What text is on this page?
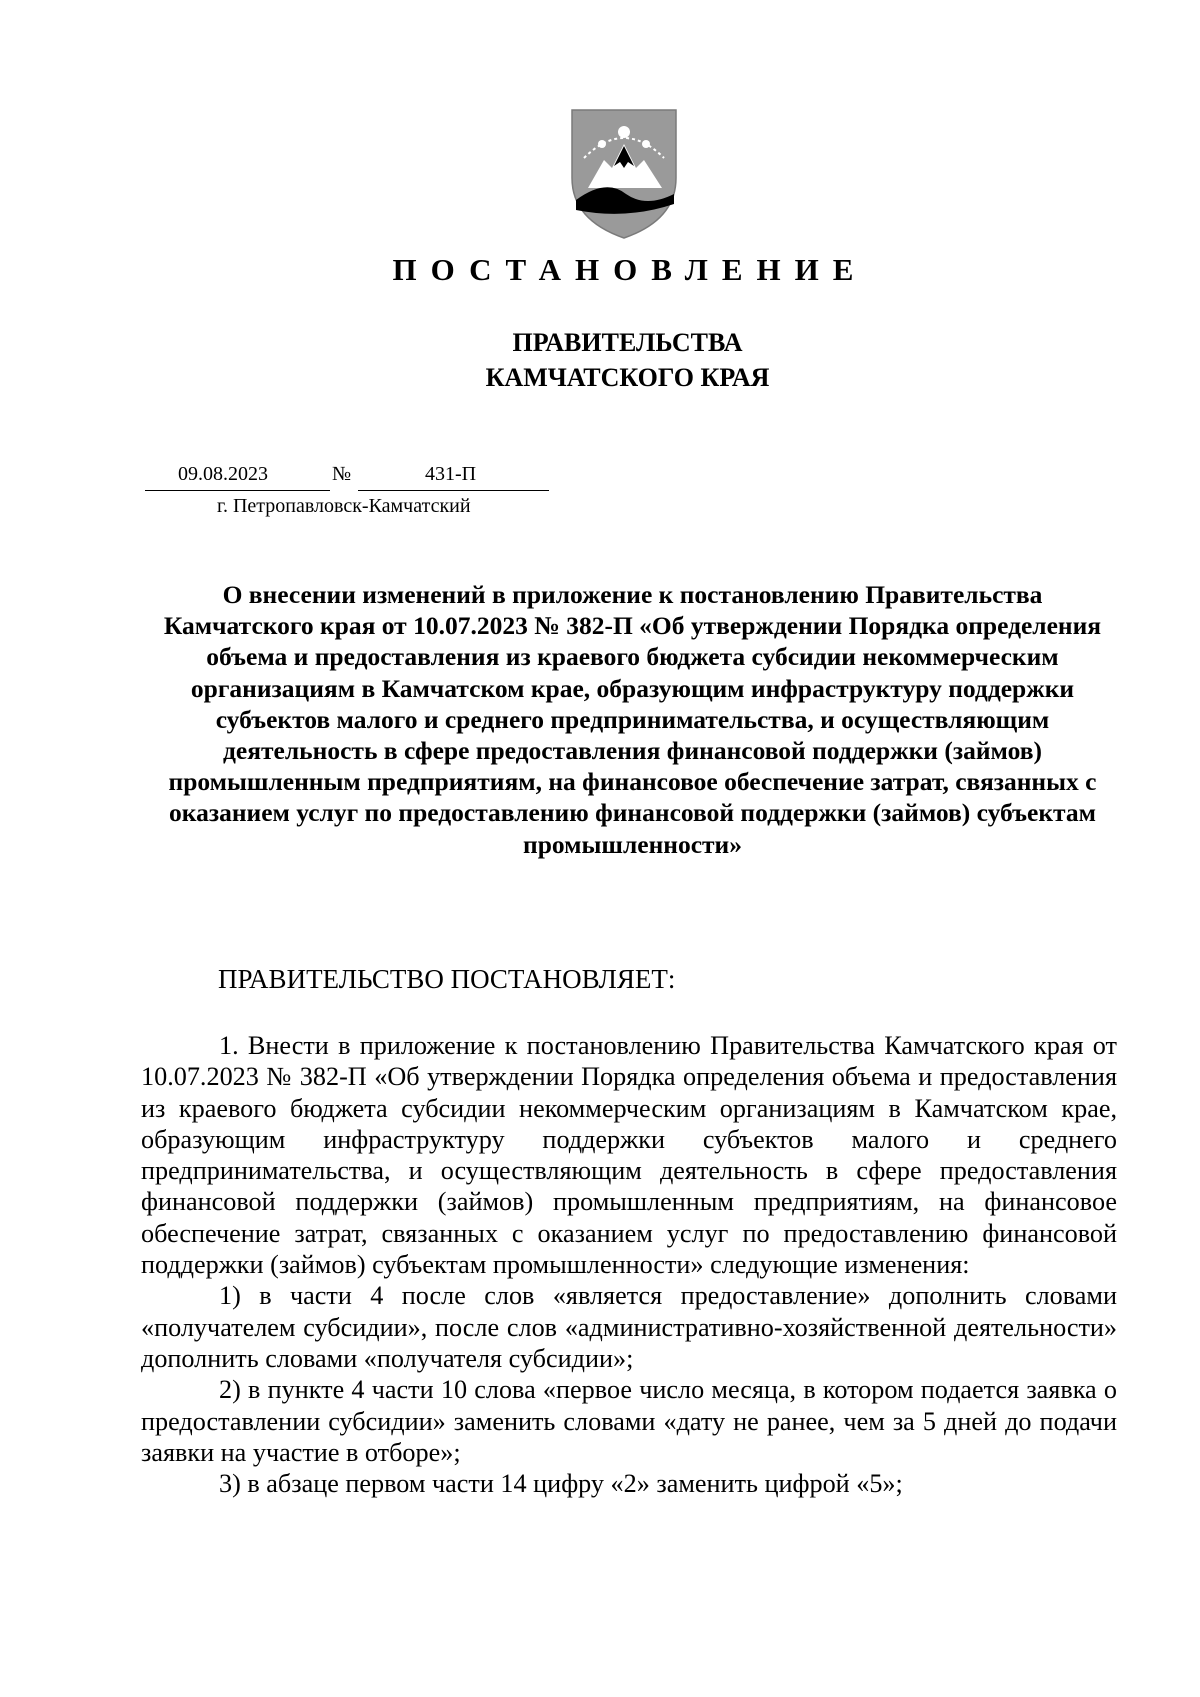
ПОСТАНОВЛЕНИЕ
ПРАВИТЕЛЬСТВА
КАМЧАТСКОГО КРАЯ
09.08.2023	№	431-П
г. Петропавловск-Камчатский
О внесении изменений в приложение к постановлению Правительства Камчатского края от 10.07.2023 № 382-П «Об утверждении Порядка определения объема и предоставления из краевого бюджета субсидии некоммерческим организациям в Камчатском крае, образующим инфраструктуру поддержки субъектов малого и среднего предпринимательства, и осуществляющим деятельность в сфере предоставления финансовой поддержки (займов) промышленным предприятиям, на финансовое обеспечение затрат, связанных с оказанием услуг по предоставлению финансовой поддержки (займов) субъектам промышленности»
ПРАВИТЕЛЬСТВО ПОСТАНОВЛЯЕТ:

1. Внести в приложение к постановлению Правительства Камчатского края от 10.07.2023 № 382-П «Об утверждении Порядка определения объема и предоставления из краевого бюджета субсидии некоммерческим организациям в Камчатском крае, образующим инфраструктуру поддержки субъектов малого и среднего предпринимательства, и осуществляющим деятельность в сфере предоставления финансовой поддержки (займов) промышленным предприятиям, на финансовое обеспечение затрат, связанных с оказанием услуг по предоставлению финансовой поддержки (займов) субъектам промышленности» следующие изменения:

1) в части 4 после слов «является предоставление» дополнить словами «получателем субсидии», после слов «административно-хозяйственной деятельности» дополнить словами «получателя субсидии»;

2) в пункте 4 части 10 слова «первое число месяца, в котором подается заявка о предоставлении субсидии» заменить словами «дату не ранее, чем за 5 дней до подачи заявки на участие в отборе»;

3) в абзаце первом части 14 цифру «2» заменить цифрой «5»;
